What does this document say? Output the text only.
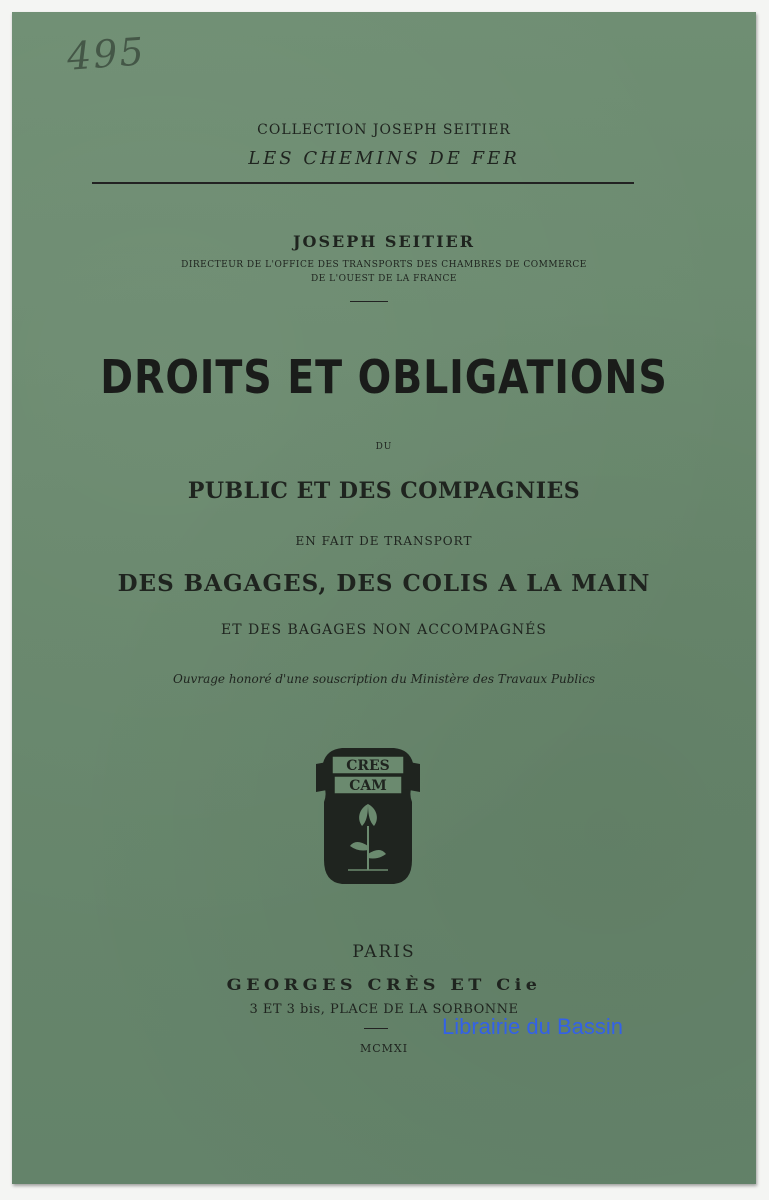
495
COLLECTION JOSEPH SEITIER
LES CHEMINS DE FER
JOSEPH SEITIER
DIRECTEUR DE L'OFFICE DES TRANSPORTS DES CHAMBRES DE COMMERCE
DE L'OUEST DE LA FRANCE
DROITS ET OBLIGATIONS
DU
PUBLIC ET DES COMPAGNIES
EN FAIT DE TRANSPORT
DES BAGAGES, DES COLIS A LA MAIN
ET DES BAGAGES NON ACCOMPAGNÉS
Ouvrage honoré d'une souscription du Ministère des Travaux Publics
CRES
CAM
PARIS
GEORGES CRÈS ET Cie
3 ET 3 bis, PLACE DE LA SORBONNE
MCMXI
Librairie du Bassin
